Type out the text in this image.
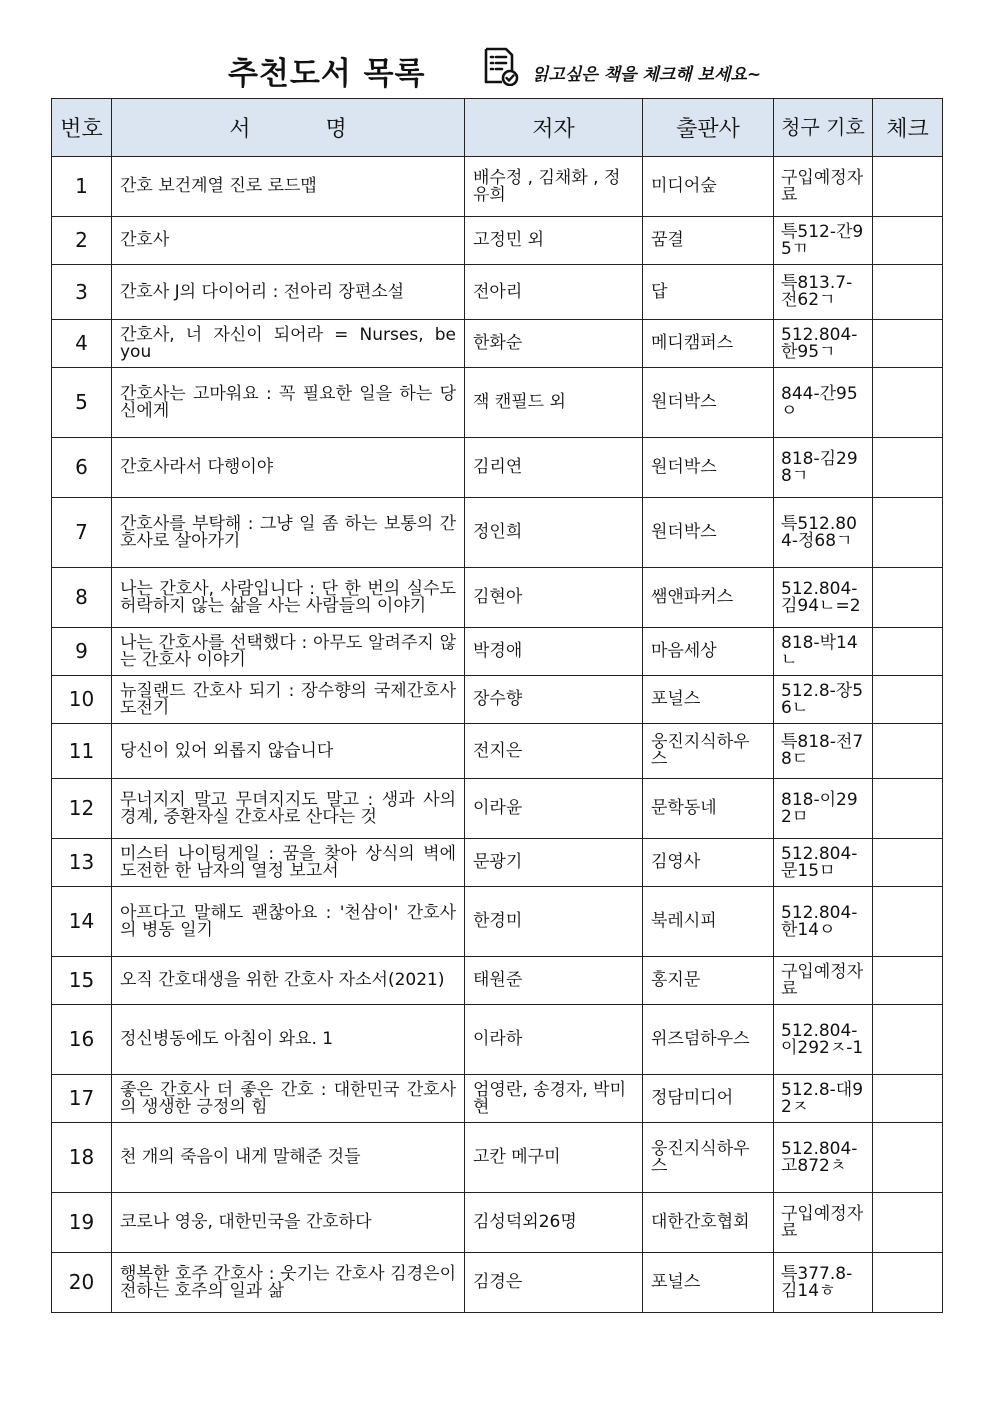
추천도서 목록	읽고싶은 책을 체크해 보세요~
번호	서 명	저자	출판사	청구 기호	체크
1	간호 보건계열 진로 로드맵	배수정 , 김채화 , 정유희	미디어숲	구입예정자료	
2	간호사	고정민 외	꿈결	특512-간95ㄲ	
3	간호사 J의 다이어리 : 전아리 장편소설	전아리	답	특813.7-전62ㄱ	
4	간호사, 너 자신이 되어라 = Nurses, be you	한화순	메디캠퍼스	512.804-한95ㄱ	
5	간호사는 고마워요 : 꼭 필요한 일을 하는 당신에게	잭 캔필드 외	원더박스	844-간95ㅇ	
6	간호사라서 다행이야	김리연	원더박스	818-김298ㄱ	
7	간호사를 부탁해 : 그냥 일 좀 하는 보통의 간호사로 살아가기	정인희	원더박스	특512.804-정68ㄱ	
8	나는 간호사, 사람입니다 : 단 한 번의 실수도 허락하지 않는 삶을 사는 사람들의 이야기	김현아	쌤앤파커스	512.804-김94ㄴ=2	
9	나는 간호사를 선택했다 : 아무도 알려주지 않는 간호사 이야기	박경애	마음세상	818-박14ㄴ	
10	뉴질랜드 간호사 되기 : 장수향의 국제간호사 도전기	장수향	포널스	512.8-장56ㄴ	
11	당신이 있어 외롭지 않습니다	전지은	웅진지식하우스	특818-전78ㄷ	
12	무너지지 말고 무뎌지지도 말고 : 생과 사의 경계, 중환자실 간호사로 산다는 것	이라윤	문학동네	818-이292ㅁ	
13	미스터 나이팅게일 : 꿈을 찾아 상식의 벽에 도전한 한 남자의 열정 보고서	문광기	김영사	512.804-문15ㅁ	
14	아프다고 말해도 괜찮아요 : '천삼이' 간호사의 병동 일기	한경미	북레시피	512.804-한14ㅇ	
15	오직 간호대생을 위한 간호사 자소서(2021)	태원준	홍지문	구입예정자료	
16	정신병동에도 아침이 와요. 1	이라하	위즈덤하우스	512.804-이292ㅈ-1	
17	좋은 간호사 더 좋은 간호 : 대한민국 간호사의 생생한 긍정의 힘	엄영란, 송경자, 박미현	정담미디어	512.8-대92ㅈ	
18	천 개의 죽음이 내게 말해준 것들	고칸 메구미	웅진지식하우스	512.804-고872ㅊ	
19	코로나 영웅, 대한민국을 간호하다	김성덕외26명	대한간호협회	구입예정자료	
20	행복한 호주 간호사 : 웃기는 간호사 김경은이 전하는 호주의 일과 삶	김경은	포널스	특377.8-김14ㅎ	
